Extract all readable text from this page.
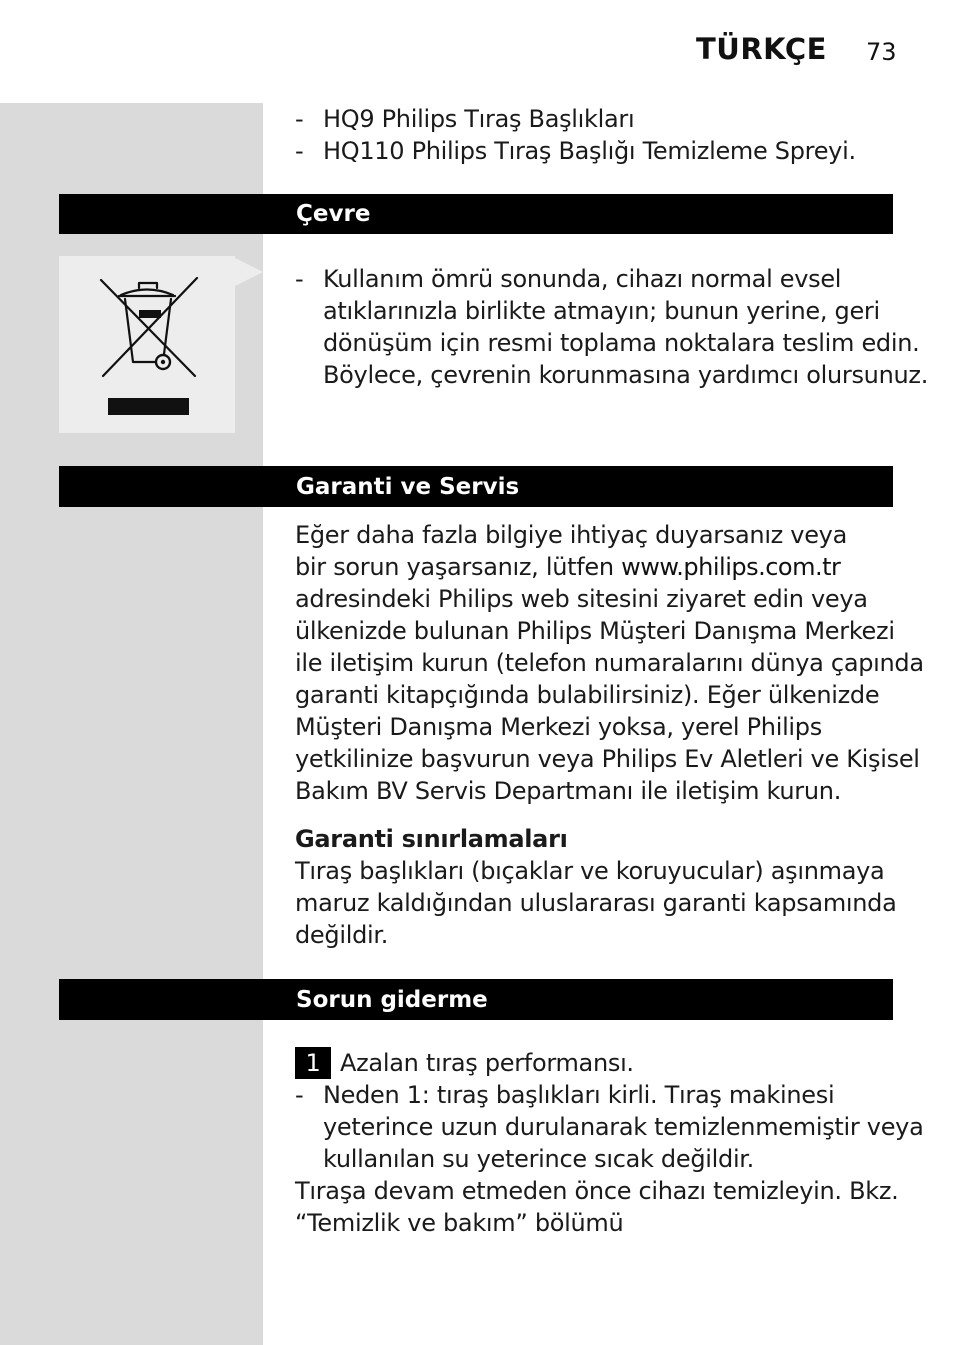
TÜRKÇE 73
- HQ9 Philips Tıraş Başlıkları
- HQ110 Philips Tıraş Başlığı Temizleme Spreyi.
Çevre
- Kullanım ömrü sonunda, cihazı normal evsel
atıklarınızla birlikte atmayın; bunun yerine, geri
dönüşüm için resmi toplama noktalara teslim edin.
Böylece, çevrenin korunmasına yardımcı olursunuz.
Garanti ve Servis
Eğer daha fazla bilgiye ihtiyaç duyarsanız veya
bir sorun yaşarsanız, lütfen www.philips.com.tr
adresindeki Philips web sitesini ziyaret edin veya
ülkenizde bulunan Philips Müşteri Danışma Merkezi
ile iletişim kurun (telefon numaralarını dünya çapında
garanti kitapçığında bulabilirsiniz). Eğer ülkenizde
Müşteri Danışma Merkezi yoksa, yerel Philips
yetkilinize başvurun veya Philips Ev Aletleri ve Kişisel
Bakım BV Servis Departmanı ile iletişim kurun.
Garanti sınırlamaları
Tıraş başlıkları (bıçaklar ve koruyucular) aşınmaya
maruz kaldığından uluslararası garanti kapsamında
değildir.
Sorun giderme
1 Azalan tıraş performansı.
- Neden 1: tıraş başlıkları kirli. Tıraş makinesi
yeterince uzun durulanarak temizlenmemiştir veya
kullanılan su yeterince sıcak değildir.
Tıraşa devam etmeden önce cihazı temizleyin. Bkz.
“Temizlik ve bakım” bölümü
